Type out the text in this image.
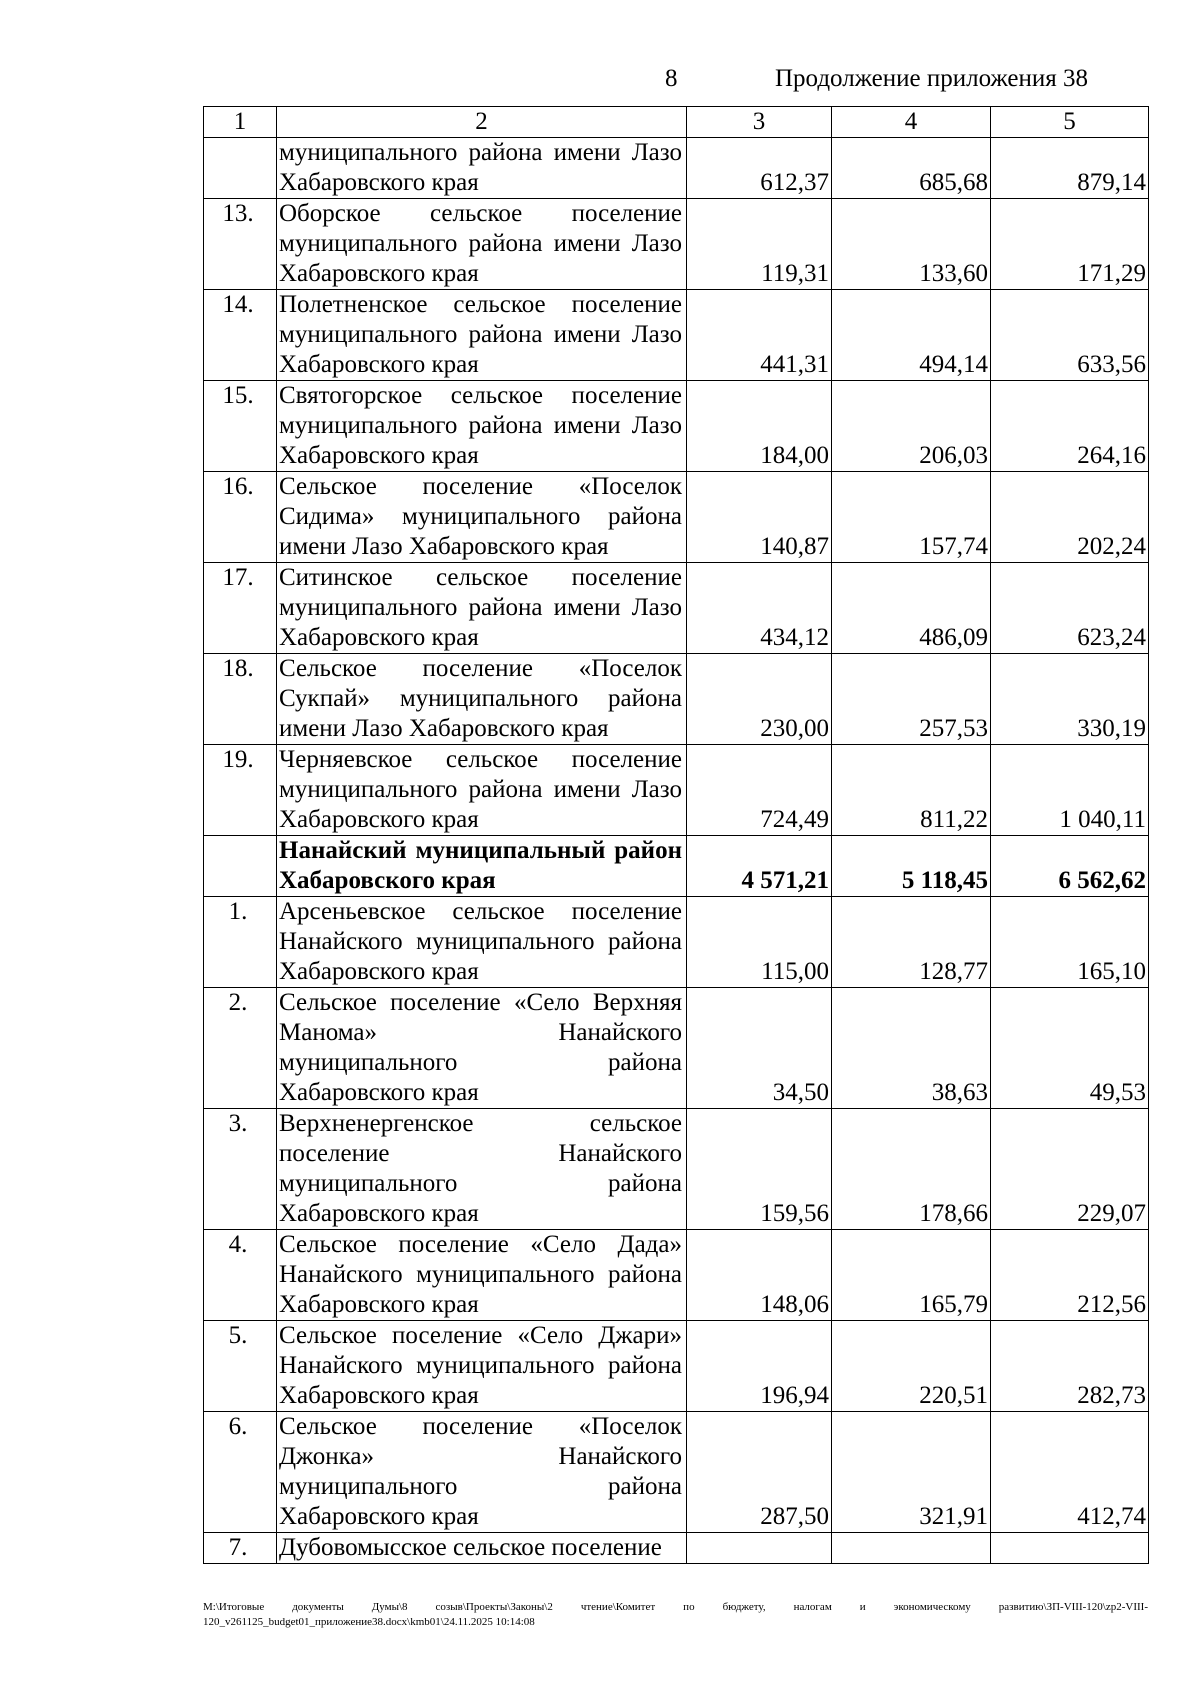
8	Продолжение приложения 38
1	2	3	4	5
	муниципального района имени Лазо Хабаровского края	612,37	685,68	879,14
13.	Оборское сельское поселение муниципального района имени Лазо Хабаровского края	119,31	133,60	171,29
14.	Полетненское сельское поселение муниципального района имени Лазо Хабаровского края	441,31	494,14	633,56
15.	Святогорское сельское поселение муниципального района имени Лазо Хабаровского края	184,00	206,03	264,16
16.	Сельское поселение «Поселок Сидима» муниципального района имени Лазо Хабаровского края	140,87	157,74	202,24
17.	Ситинское сельское поселение муниципального района имени Лазо Хабаровского края	434,12	486,09	623,24
18.	Сельское поселение «Поселок Сукпай» муниципального района имени Лазо Хабаровского края	230,00	257,53	330,19
19.	Черняевское сельское поселение муниципального района имени Лазо Хабаровского края	724,49	811,22	1 040,11
	Нанайский муниципальный район Хабаровского края	4 571,21	5 118,45	6 562,62
1.	Арсеньевское сельское поселение Нанайского муниципального района Хабаровского края	115,00	128,77	165,10
2.	Сельское поселение «Село Верхняя Манома» Нанайского муниципального района Хабаровского края	34,50	38,63	49,53
3.	Верхненергенское сельское поселение Нанайского муниципального района Хабаровского края	159,56	178,66	229,07
4.	Сельское поселение «Село Дада» Нанайского муниципального района Хабаровского края	148,06	165,79	212,56
5.	Сельское поселение «Село Джари» Нанайского муниципального района Хабаровского края	196,94	220,51	282,73
6.	Сельское поселение «Поселок Джонка» Нанайского муниципального района Хабаровского края	287,50	321,91	412,74
7.	Дубовомысское сельское поселение			
M:\Итоговые документы Думы\8 созыв\Проекты\Законы\2 чтение\Комитет по бюджету, налогам и экономическому развитию\ЗП-VIII-120\zp2-VIII-120_v261125_budget01_приложение38.docx\kmb01\24.11.2025 10:14:08
